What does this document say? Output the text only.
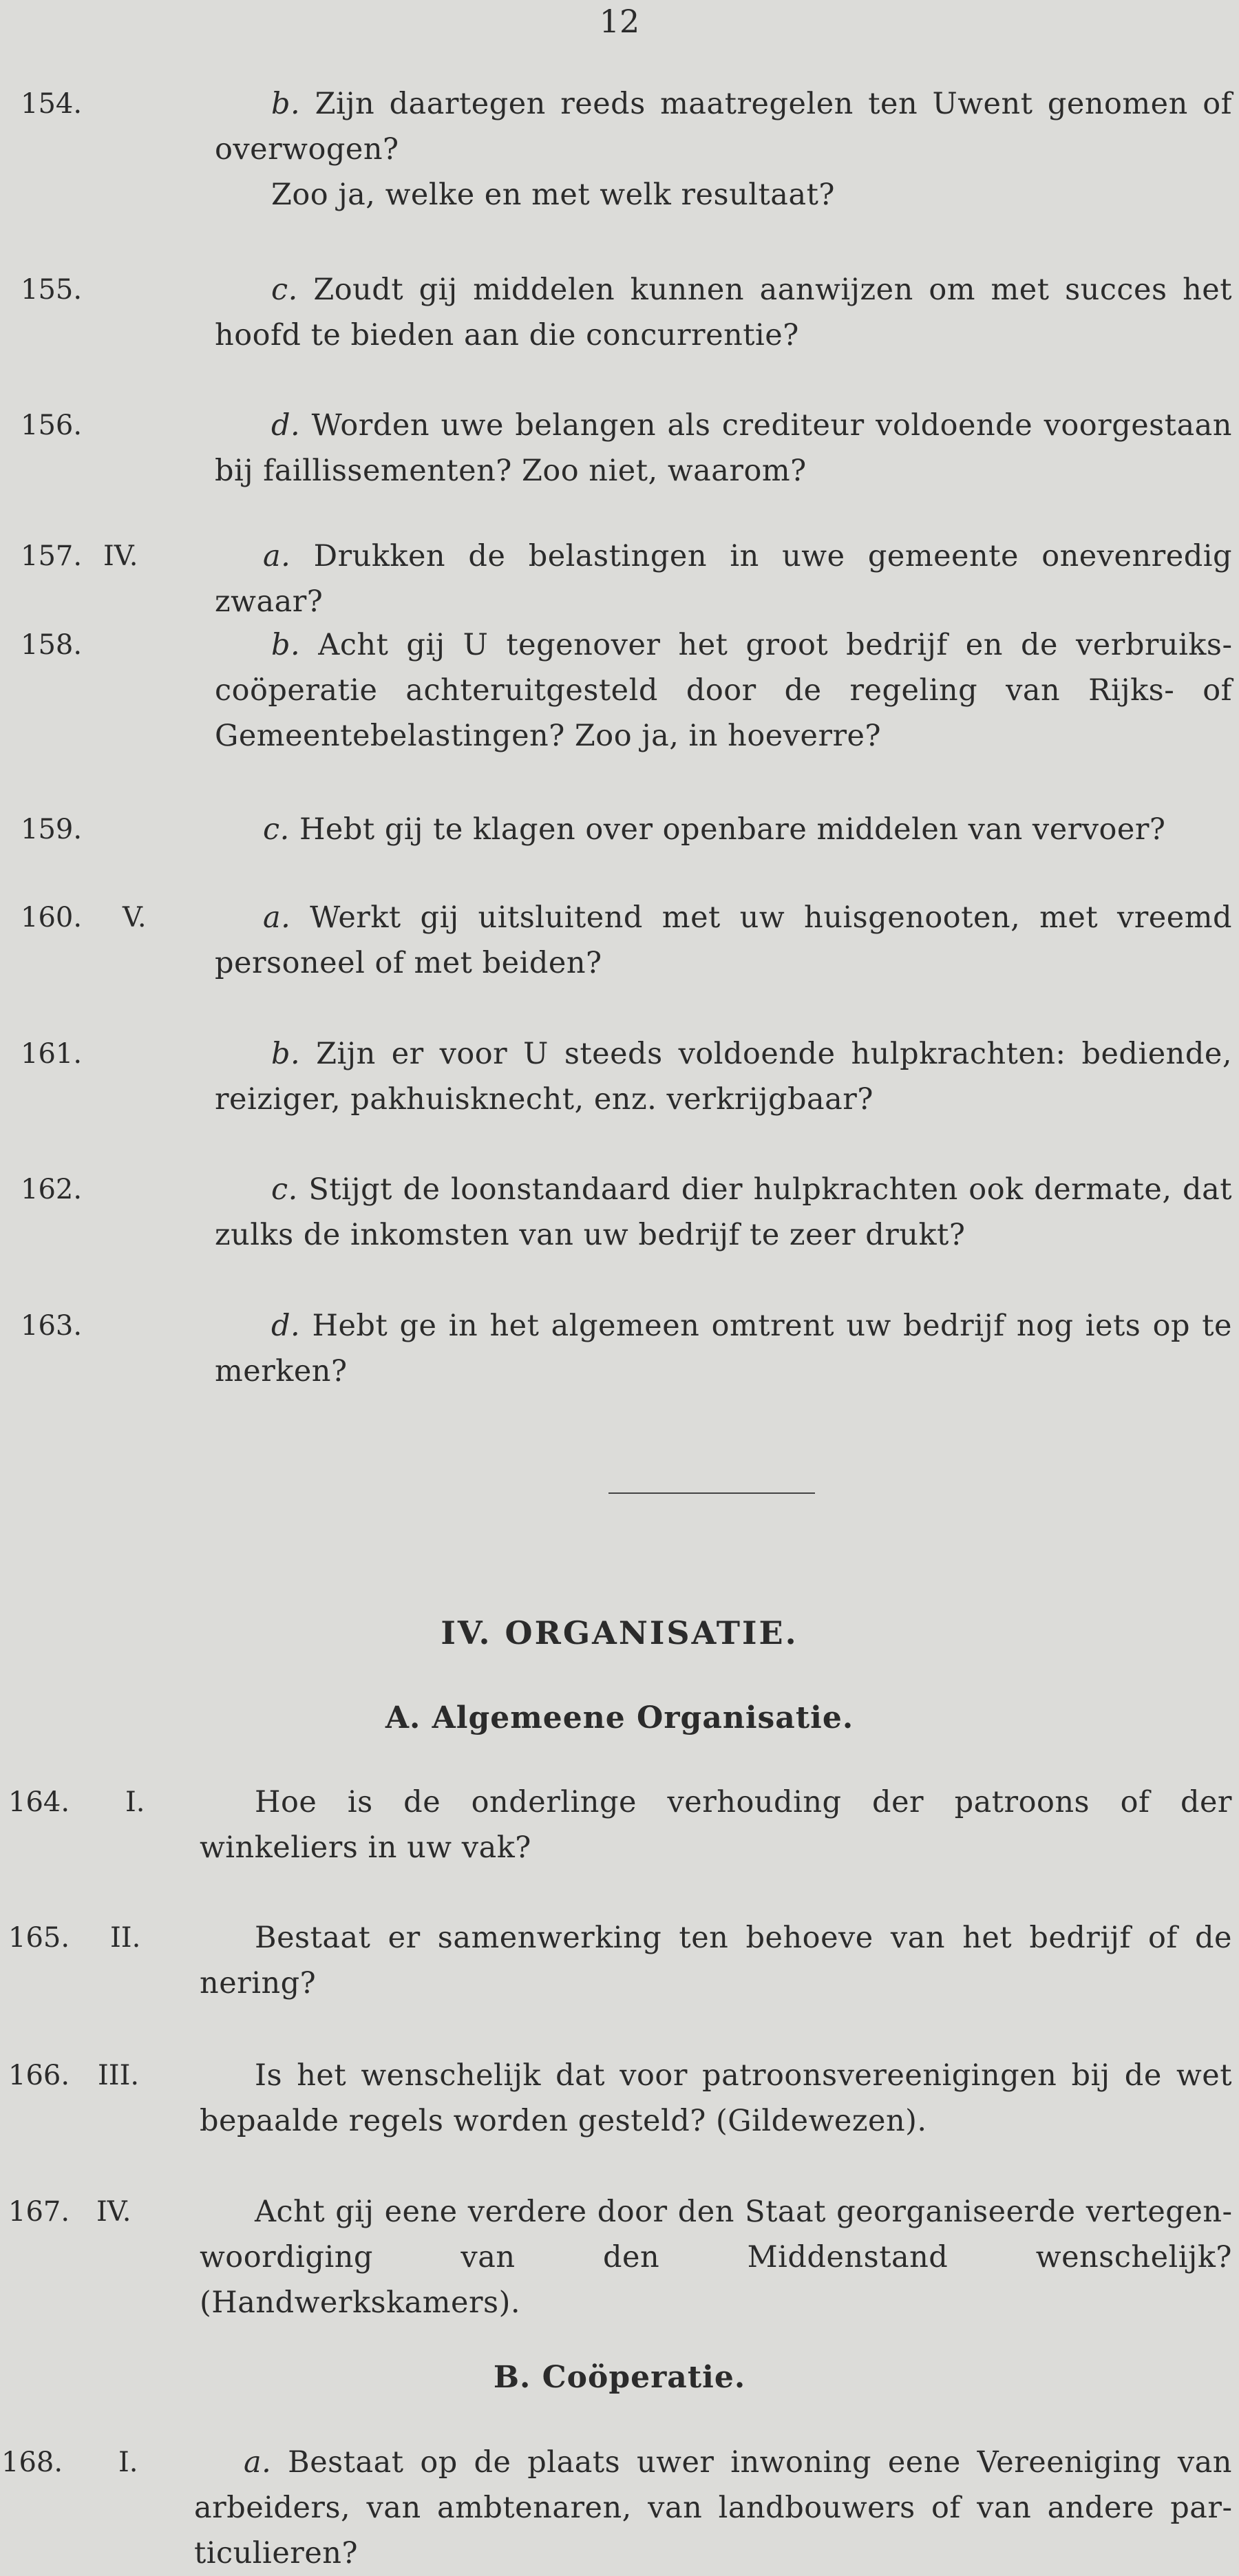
12
154.	b. Zijn daartegen reeds maatregelen ten Uwent genomen of overwogen?
Zoo ja, welke en met welk resultaat?
155.	c. Zoudt gij middelen kunnen aanwijzen om met succes het hoofd te bieden aan die concurrentie?
156.	d. Worden uwe belangen als crediteur voldoende voorgestaan bij faillissementen? Zoo niet, waarom?
157. IV.	a. Drukken de belastingen in uwe gemeente onevenredig zwaar?
158.	b. Acht gij U tegenover het groot bedrijf en de verbruikscoöperatie achteruitgesteld door de regeling van Rijks- of Gemeentebelastingen? Zoo ja, in hoeverre?
159.	c. Hebt gij te klagen over openbare middelen van vervoer?
160. V.	a. Werkt gij uitsluitend met uw huisgenooten, met vreemd personeel of met beiden?
161.	b. Zijn er voor U steeds voldoende hulpkrachten: bediende, reiziger, pakhuisknecht, enz. verkrijgbaar?
162.	c. Stijgt de loonstandaard dier hulpkrachten ook dermate, dat zulks de inkomsten van uw bedrijf te zeer drukt?
163.	d. Hebt ge in het algemeen omtrent uw bedrijf nog iets op te merken?
IV. ORGANISATIE.
A. Algemeene Organisatie.
164. I.	Hoe is de onderlinge verhouding der patroons of der winkeliers in uw vak?
165. II.	Bestaat er samenwerking ten behoeve van het bedrijf of de nering?
166. III.	Is het wenschelijk dat voor patroonsvereenigingen bij de wet bepaalde regels worden gesteld? (Gildewezen).
167. IV.	Acht gij eene verdere door den Staat georganiseerde vertegenwoordiging van den Middenstand wenschelijk? (Handwerkskamers).
B. Coöperatie.
168. I.	a. Bestaat op de plaats uwer inwoning eene Vereeniging van arbeiders, van ambtenaren, van landbouwers of van andere particulieren?
